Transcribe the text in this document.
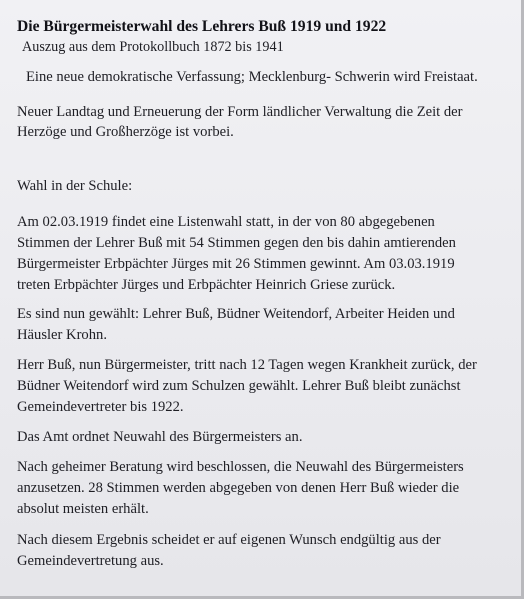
Die Bürgermeisterwahl des Lehrers Buß 1919 und 1922
Auszug aus dem Protokollbuch 1872 bis 1941
Eine neue demokratische Verfassung; Mecklenburg- Schwerin wird Freistaat.
Neuer Landtag und Erneuerung der Form ländlicher Verwaltung die Zeit der
Herzöge und Großherzöge ist vorbei.
Wahl in der Schule:
Am 02.03.1919 findet eine Listenwahl statt, in der von 80 abgegebenen
Stimmen der Lehrer Buß mit 54 Stimmen gegen den bis dahin amtierenden
Bürgermeister Erbpächter Jürges mit 26 Stimmen gewinnt. Am 03.03.1919
treten Erbpächter Jürges und Erbpächter Heinrich Griese zurück.
Es sind nun gewählt: Lehrer Buß, Büdner Weitendorf, Arbeiter Heiden und
Häusler Krohn.
Herr Buß, nun Bürgermeister, tritt nach 12 Tagen wegen Krankheit zurück, der
Büdner Weitendorf wird zum Schulzen gewählt. Lehrer Buß bleibt zunächst
Gemeindevertreter bis 1922.
Das Amt ordnet Neuwahl des Bürgermeisters an.
Nach geheimer Beratung wird beschlossen, die Neuwahl des Bürgermeisters
anzusetzen. 28 Stimmen werden abgegeben von denen Herr Buß wieder die
absolut meisten erhält.
Nach diesem Ergebnis scheidet er auf eigenen Wunsch endgültig aus der
Gemeindevertretung aus.
